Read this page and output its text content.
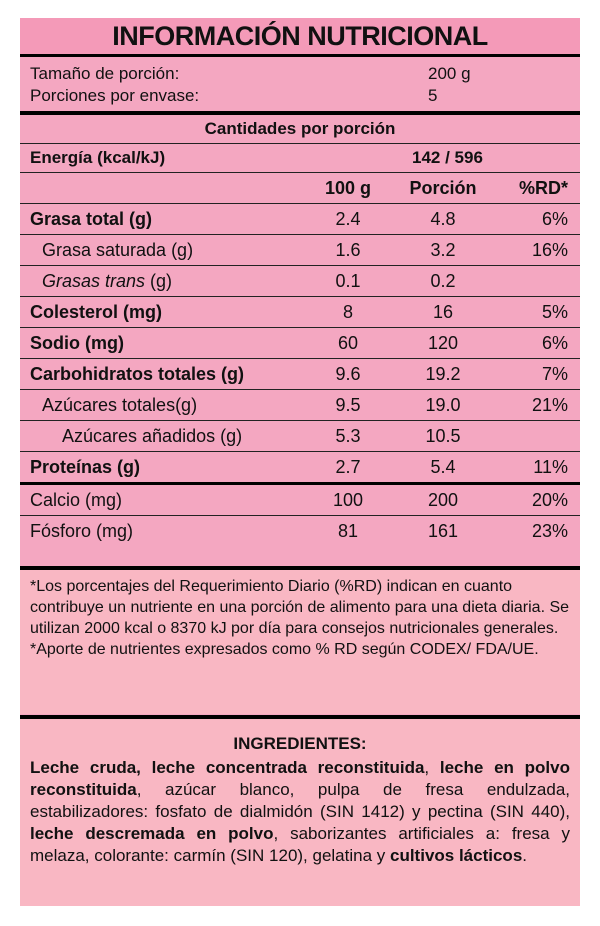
INFORMACIÓN NUTRICIONAL
Tamaño de porción:	200 g
Porciones por envase:	5
Cantidades por porción
Energía (kcal/kJ)	142 / 596
100 g	Porción	%RD*
Grasa total (g)	2.4	4.8	6%
Grasa saturada (g)	1.6	3.2	16%
Grasas trans (g)	0.1	0.2
Colesterol (mg)	8	16	5%
Sodio (mg)	60	120	6%
Carbohidratos totales (g)	9.6	19.2	7%
Azúcares totales(g)	9.5	19.0	21%
Azúcares añadidos (g)	5.3	10.5
Proteínas (g)	2.7	5.4	11%
Calcio (mg)	100	200	20%
Fósforo (mg)	81	161	23%

*Los porcentajes del Requerimiento Diario (%RD) indican en cuanto contribuye un nutriente en una porción de alimento para una dieta diaria. Se utilizan 2000 kcal o 8370 kJ por día para consejos nutricionales generales.

*Aporte de nutrientes expresados como % RD según CODEX/ FDA/UE.

INGREDIENTES:
Leche cruda, leche concentrada reconstituida, leche en polvo reconstituida, azúcar blanco, pulpa de fresa endulzada, estabilizadores: fosfato de dialmidón (SIN 1412) y pectina (SIN 440), leche descremada en polvo, saborizantes artificiales a: fresa y melaza, colorante: carmín (SIN 120), gelatina y cultivos lácticos.
